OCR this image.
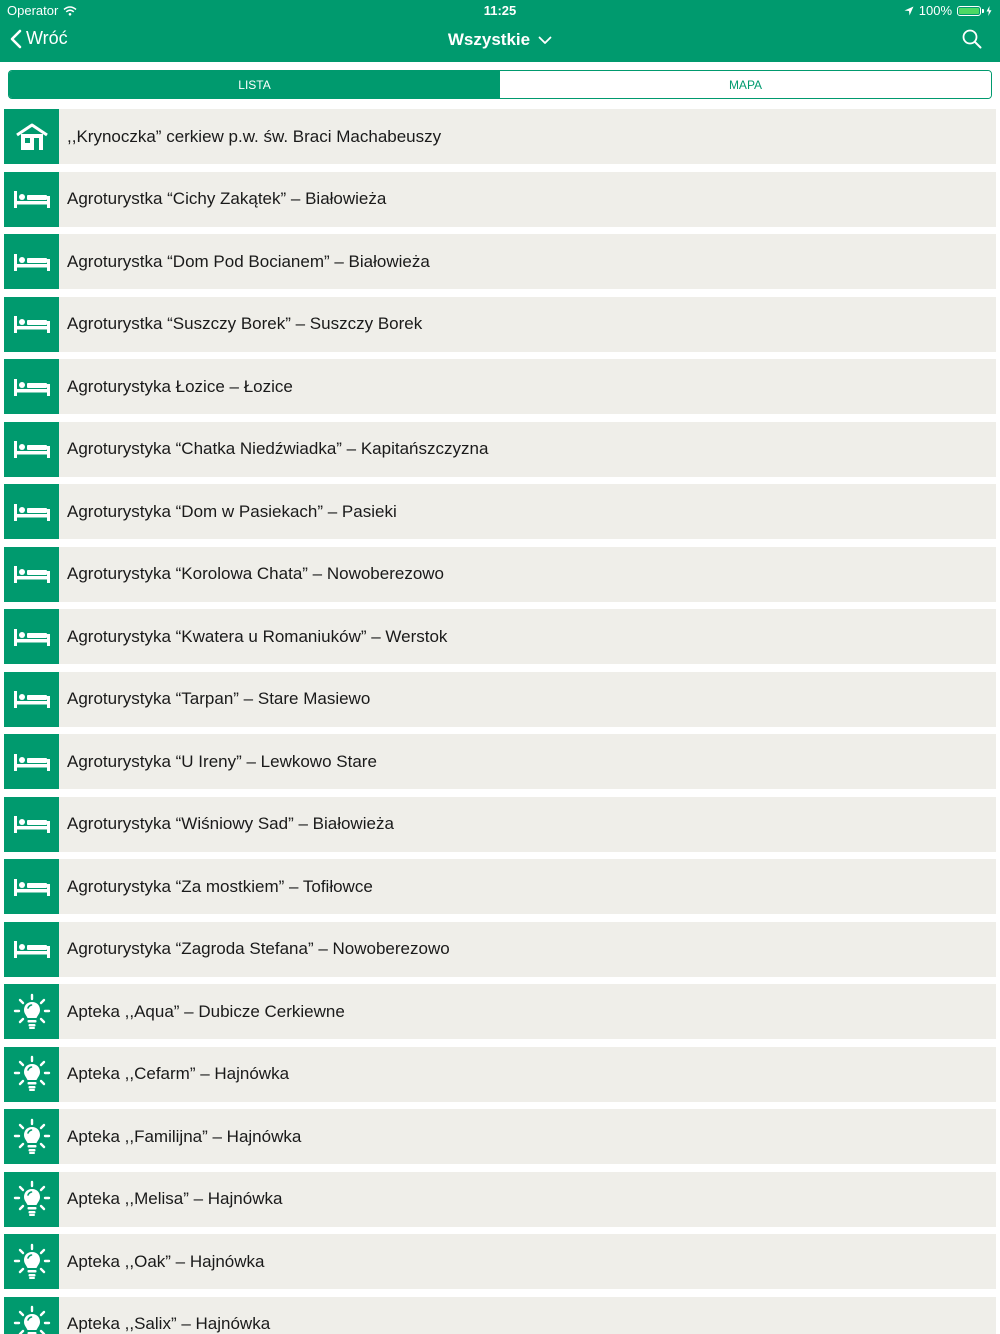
Operator	11:25	100%
Wróć	Wszystkie
LISTA	MAPA
,,Krynoczka” cerkiew p.w. św. Braci Machabeuszy
Agroturystka “Cichy Zakątek” – Białowieża
Agroturystka “Dom Pod Bocianem” – Białowieża
Agroturystka “Suszczy Borek” – Suszczy Borek
Agroturystyka Łozice – Łozice
Agroturystyka “Chatka Niedźwiadka” – Kapitańszczyzna
Agroturystyka “Dom w Pasiekach” – Pasieki
Agroturystyka “Korolowa Chata” – Nowoberezowo
Agroturystyka “Kwatera u Romaniuków” – Werstok
Agroturystyka “Tarpan” – Stare Masiewo
Agroturystyka “U Ireny” – Lewkowo Stare
Agroturystyka “Wiśniowy Sad” – Białowieża
Agroturystyka “Za mostkiem” – Tofiłowce
Agroturystyka “Zagroda Stefana” – Nowoberezowo
Apteka ,,Aqua” – Dubicze Cerkiewne
Apteka ,,Cefarm” – Hajnówka
Apteka ,,Familijna” – Hajnówka
Apteka ,,Melisa” – Hajnówka
Apteka ,,Oak” – Hajnówka
Apteka ,,Salix” – Hajnówka
